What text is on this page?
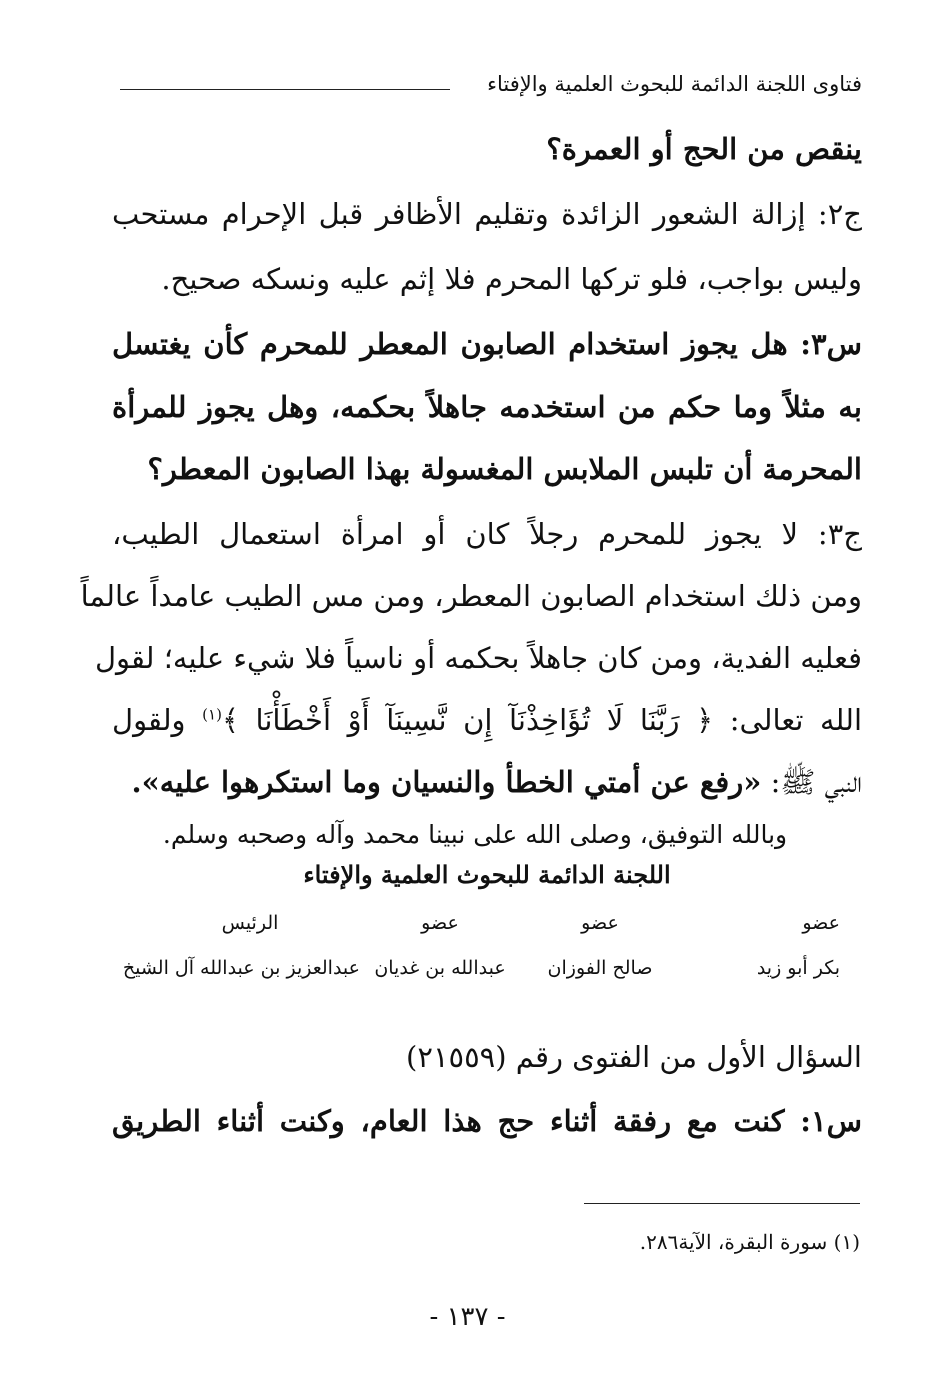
فتاوى اللجنة الدائمة للبحوث العلمية والإفتاء
ينقص من الحج أو العمرة؟
ج٢: إزالة الشعور الزائدة وتقليم الأظافر قبل الإحرام مستحب
وليس بواجب، فلو تركها المحرم فلا إثم عليه ونسكه صحيح.
س٣: هل يجوز استخدام الصابون المعطر للمحرم كأن يغتسل
به مثلاً وما حكم من استخدمه جاهلاً بحكمه، وهل يجوز للمرأة
المحرمة أن تلبس الملابس المغسولة بهذا الصابون المعطر؟
ج٣: لا يجوز للمحرم رجلاً كان أو امرأة استعمال الطيب،
ومن ذلك استخدام الصابون المعطر، ومن مس الطيب عامداً عالماً
فعليه الفدية، ومن كان جاهلاً بحكمه أو ناسياً فلا شيء عليه؛ لقول
الله تعالى: ﴿ رَبَّنَا لَا تُؤَاخِذْنَآ إِن نَّسِينَآ أَوْ أَخْطَأْنَا ﴾$^{(١)}$ ولقول
النبي ﷺ: «رفع عن أمتي الخطأ والنسيان وما استكرهوا عليه».
وبالله التوفيق، وصلى الله على نبينا محمد وآله وصحبه وسلم.
اللجنة الدائمة للبحوث العلمية والإفتاء
عضو
عضو
عضو
الرئيس
بكر أبو زيد
صالح الفوزان
عبدالله بن غديان
عبدالعزيز بن عبدالله آل الشيخ
السؤال الأول من الفتوى رقم (٢١٥٥٩)
س١: كنت مع رفقة أثناء حج هذا العام، وكنت أثناء الطريق
(١) سورة البقرة، الآية٢٨٦.
- ١٣٧ -
